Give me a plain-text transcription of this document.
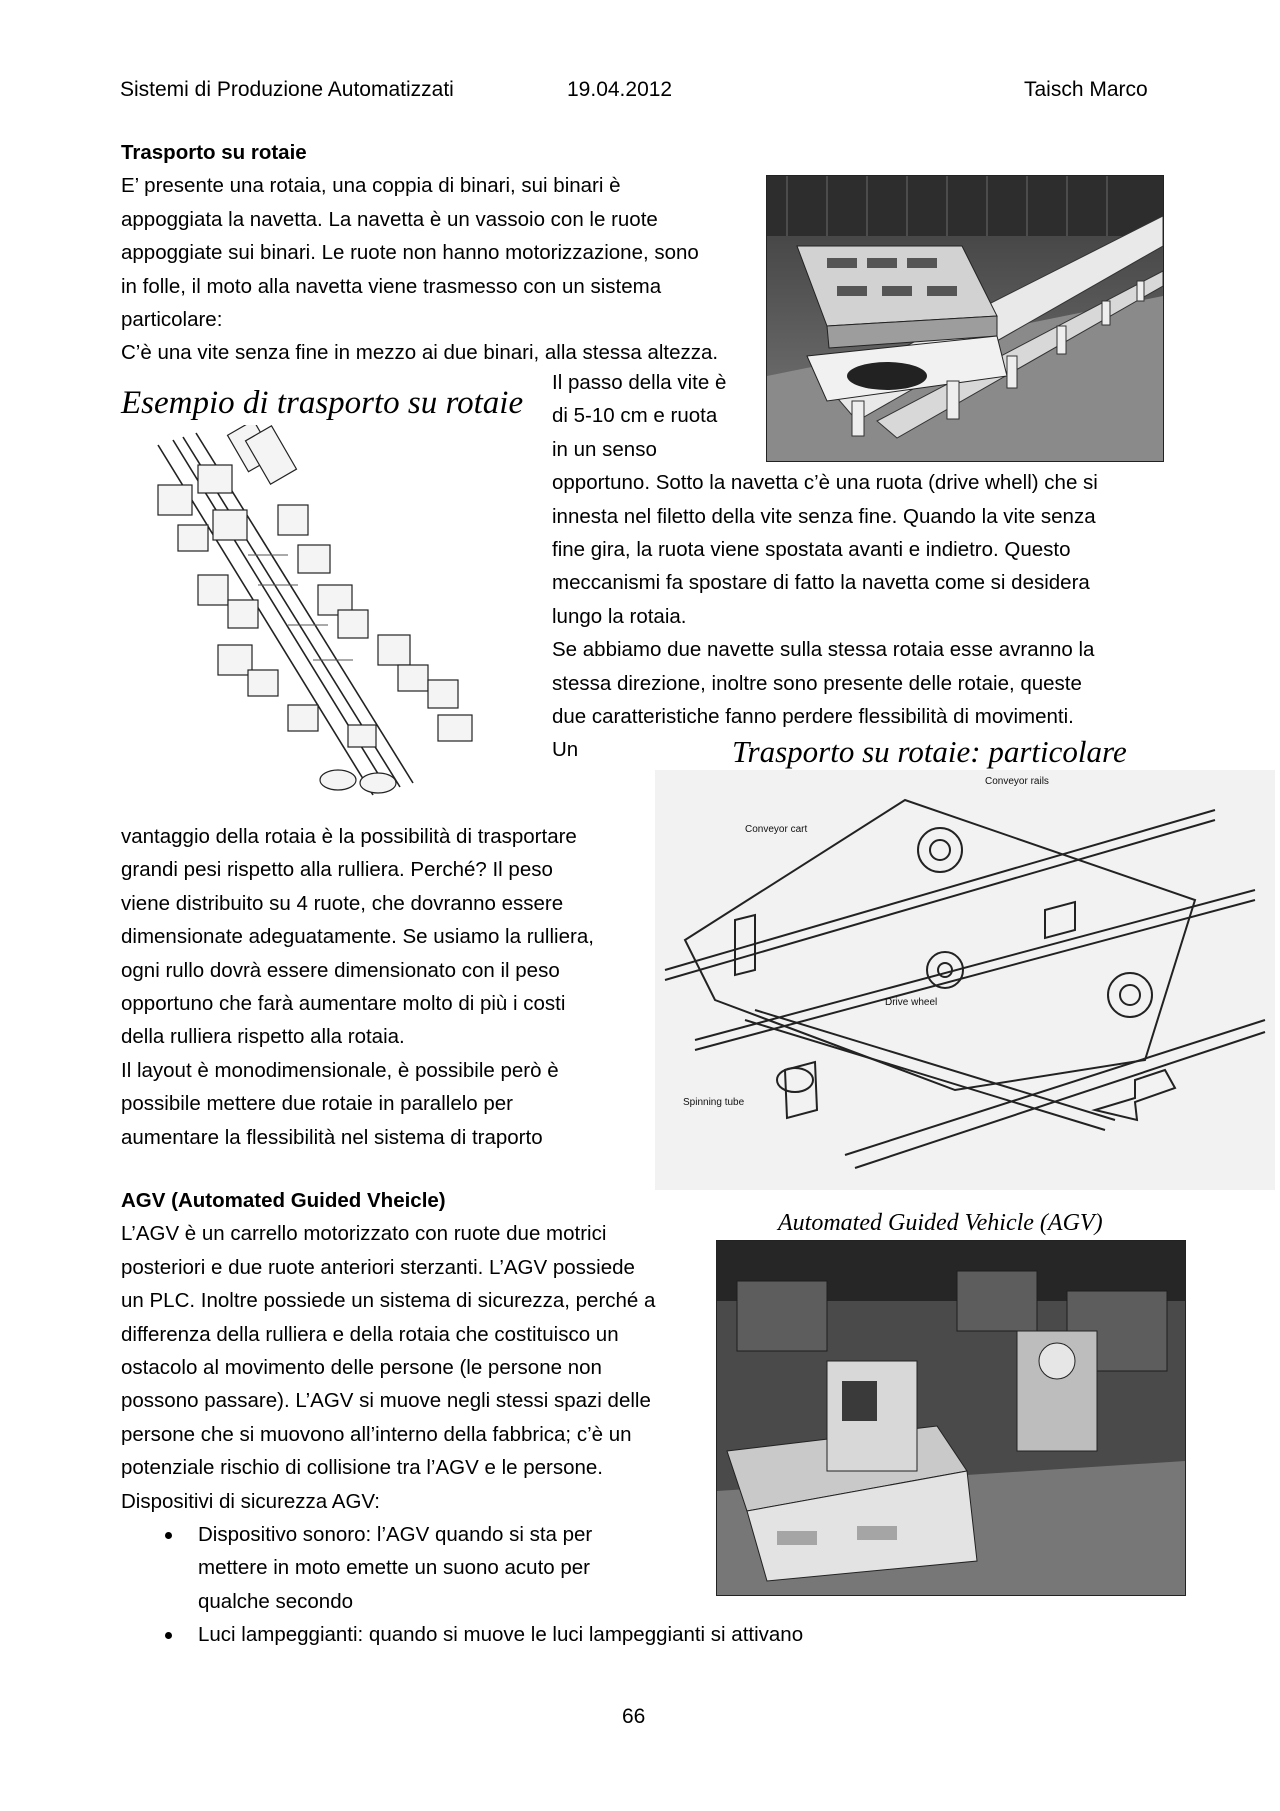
Sistemi di Produzione Automatizzati	19.04.2012	Taisch Marco

Trasporto su rotaie

E’ presente una rotaia, una coppia di binari, sui binari è

appoggiata la navetta. La navetta è un vassoio con le ruote

appoggiate sui binari. Le ruote non hanno motorizzazione, sono

in folle, il moto alla navetta viene trasmesso con un sistema

particolare:

C’è una vite senza fine in mezzo ai due binari, alla stessa altezza.

Esempio di trasporto su rotaie

Il passo della vite è

di 5-10 cm e ruota

in un senso

opportuno. Sotto la navetta c’è una ruota (drive whell) che si

innesta nel filetto della vite senza fine. Quando la vite senza

fine gira, la ruota viene spostata avanti e indietro. Questo

meccanismi fa spostare di fatto la navetta come si desidera

lungo la rotaia.

Se abbiamo due navette sulla stessa rotaia esse avranno la

stessa direzione, inoltre sono presente delle rotaie, queste

due caratteristiche fanno perdere flessibilità di movimenti.

Un	Trasporto su rotaie: particolare
Conveyor rails
Conveyor cart
Drive wheel
Spinning tube

vantaggio della rotaia è la possibilità di trasportare

grandi pesi rispetto alla rulliera. Perché? Il peso

viene distribuito su 4 ruote, che dovranno essere

dimensionate adeguatamente. Se usiamo la rulliera,

ogni rullo dovrà essere dimensionato con il peso

opportuno che farà aumentare molto di più i costi

della rulliera rispetto alla rotaia.

Il layout è monodimensionale, è possibile però è

possibile mettere due rotaie in parallelo per

aumentare la flessibilità nel sistema di traporto

AGV (Automated Guided Vheicle)

L’AGV è un carrello motorizzato con ruote due motrici

posteriori e due ruote anteriori sterzanti. L’AGV possiede

un PLC. Inoltre possiede un sistema di sicurezza, perché a

differenza della rulliera e della rotaia che costituisco un

ostacolo al movimento delle persone (le persone non

possono passare). L’AGV si muove negli stessi spazi delle

persone che si muovono all’interno della fabbrica; c’è un

potenziale rischio di collisione tra l’AGV e le persone.

Dispositivi di sicurezza AGV:

Dispositivo sonoro: l’AGV quando si sta per

mettere in moto emette un suono acuto per

qualche secondo

Luci lampeggianti: quando si muove le luci lampeggianti si attivano

Automated Guided Vehicle (AGV)
66
